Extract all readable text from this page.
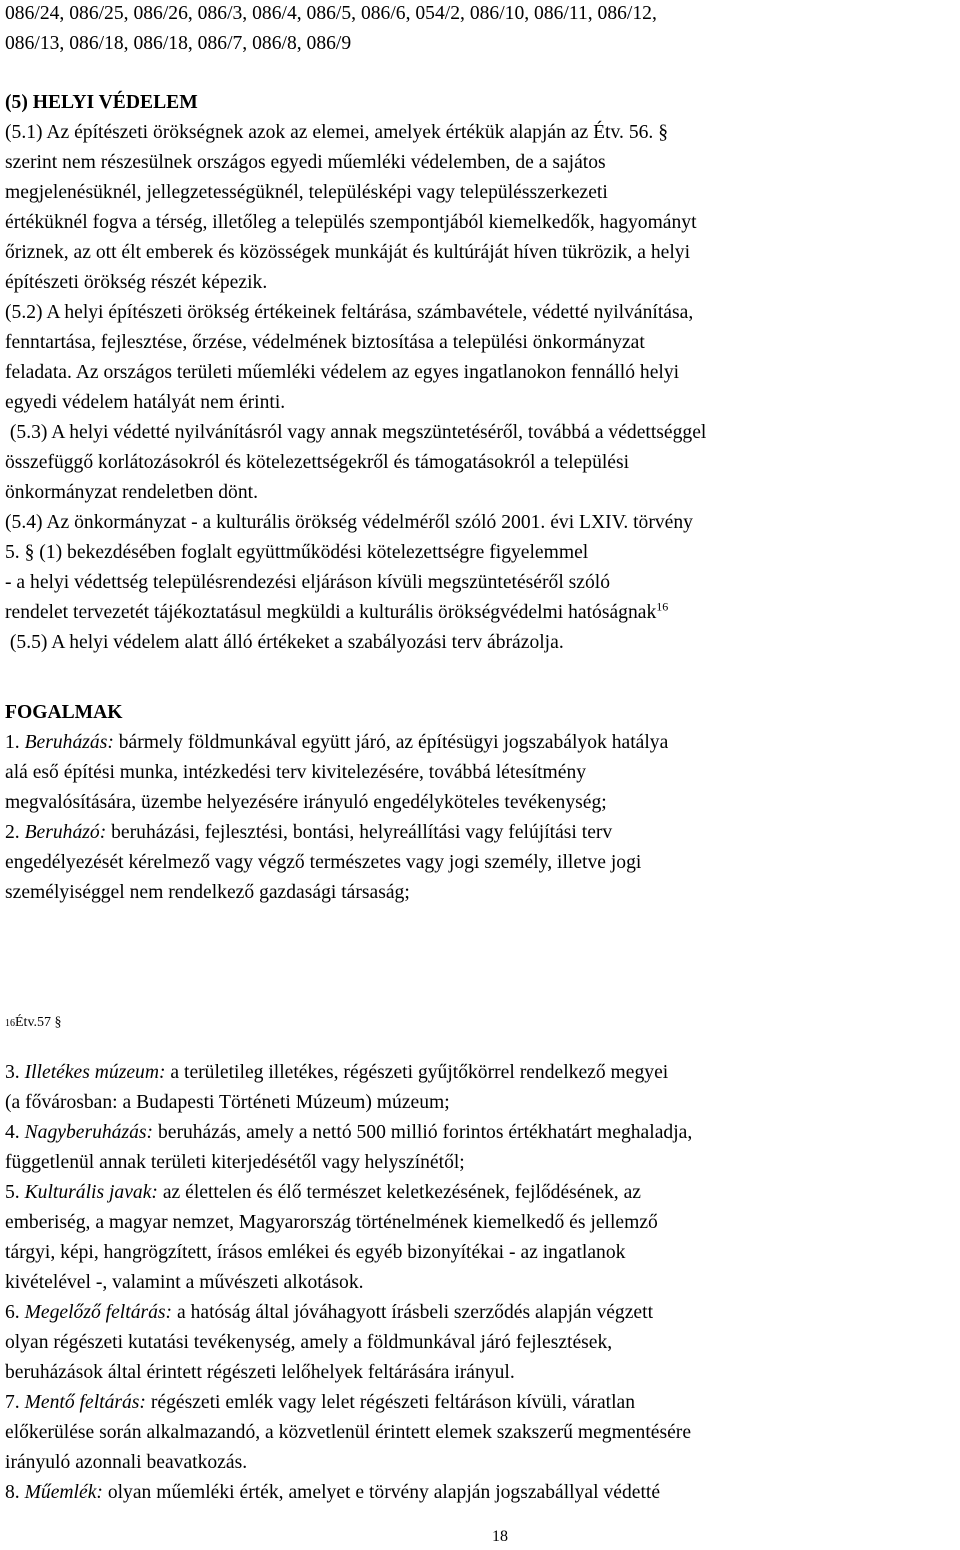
086/24, 086/25, 086/26, 086/3, 086/4, 086/5, 086/6, 054/2, 086/10, 086/11, 086/12,
086/13, 086/18, 086/18, 086/7, 086/8, 086/9
(5) HELYI VÉDELEM
(5.1) Az építészeti örökségnek azok az elemei, amelyek értékük alapján az Étv. 56. §
szerint nem részesülnek országos egyedi műemléki védelemben, de a sajátos
megjelenésüknél, jellegzetességüknél, településképi vagy településszerkezeti
értéküknél fogva a térség, illetőleg a település szempontjából kiemelkedők, hagyományt
őriznek, az ott élt emberek és közösségek munkáját és kultúráját híven tükrözik, a helyi
építészeti örökség részét képezik.
(5.2) A helyi építészeti örökség értékeinek feltárása, számbavétele, védetté nyilvánítása,
fenntartása, fejlesztése, őrzése, védelmének biztosítása a települési önkormányzat
feladata. Az országos területi műemléki védelem az egyes ingatlanokon fennálló helyi
egyedi védelem hatályát nem érinti.
(5.3) A helyi védetté nyilvánításról vagy annak megszüntetéséről, továbbá a védettséggel
összefüggő korlátozásokról és kötelezettségekről és támogatásokról a települési
önkormányzat rendeletben dönt.
(5.4) Az önkormányzat - a kulturális örökség védelméről szóló 2001. évi LXIV. törvény
5. § (1) bekezdésében foglalt együttműködési kötelezettségre figyelemmel
- a helyi védettség településrendezési eljáráson kívüli megszüntetéséről szóló
rendelet tervezetét tájékoztatásul megküldi a kulturális örökségvédelmi hatóságnak$^{16}$
(5.5) A helyi védelem alatt álló értékeket a szabályozási terv ábrázolja.
FOGALMAK
1. Beruházás: bármely földmunkával együtt járó, az építésügyi jogszabályok hatálya
alá eső építési munka, intézkedési terv kivitelezésére, továbbá létesítmény
megvalósítására, üzembe helyezésére irányuló engedélyköteles tevékenység;
2. Beruházó: beruházási, fejlesztési, bontási, helyreállítási vagy felújítási terv
engedélyezését kérelmező vagy végző természetes vagy jogi személy, illetve jogi
személyiséggel nem rendelkező gazdasági társaság;
16Étv.57 §
3. Illetékes múzeum: a területileg illetékes, régészeti gyűjtőkörrel rendelkező megyei
(a fővárosban: a Budapesti Történeti Múzeum) múzeum;
4. Nagyberuházás: beruházás, amely a nettó 500 millió forintos értékhatárt meghaladja,
függetlenül annak területi kiterjedésétől vagy helyszínétől;
5. Kulturális javak: az élettelen és élő természet keletkezésének, fejlődésének, az
emberiség, a magyar nemzet, Magyarország történelmének kiemelkedő és jellemző
tárgyi, képi, hangrögzített, írásos emlékei és egyéb bizonyítékai - az ingatlanok
kivételével -, valamint a művészeti alkotások.
6. Megelőző feltárás: a hatóság által jóváhagyott írásbeli szerződés alapján végzett
olyan régészeti kutatási tevékenység, amely a földmunkával járó fejlesztések,
beruházások által érintett régészeti lelőhelyek feltárására irányul.
7. Mentő feltárás: régészeti emlék vagy lelet régészeti feltáráson kívüli, váratlan
előkerülése során alkalmazandó, a közvetlenül érintett elemek szakszerű megmentésére
irányuló azonnali beavatkozás.
8. Műemlék: olyan műemléki érték, amelyet e törvény alapján jogszabállyal védetté
18
